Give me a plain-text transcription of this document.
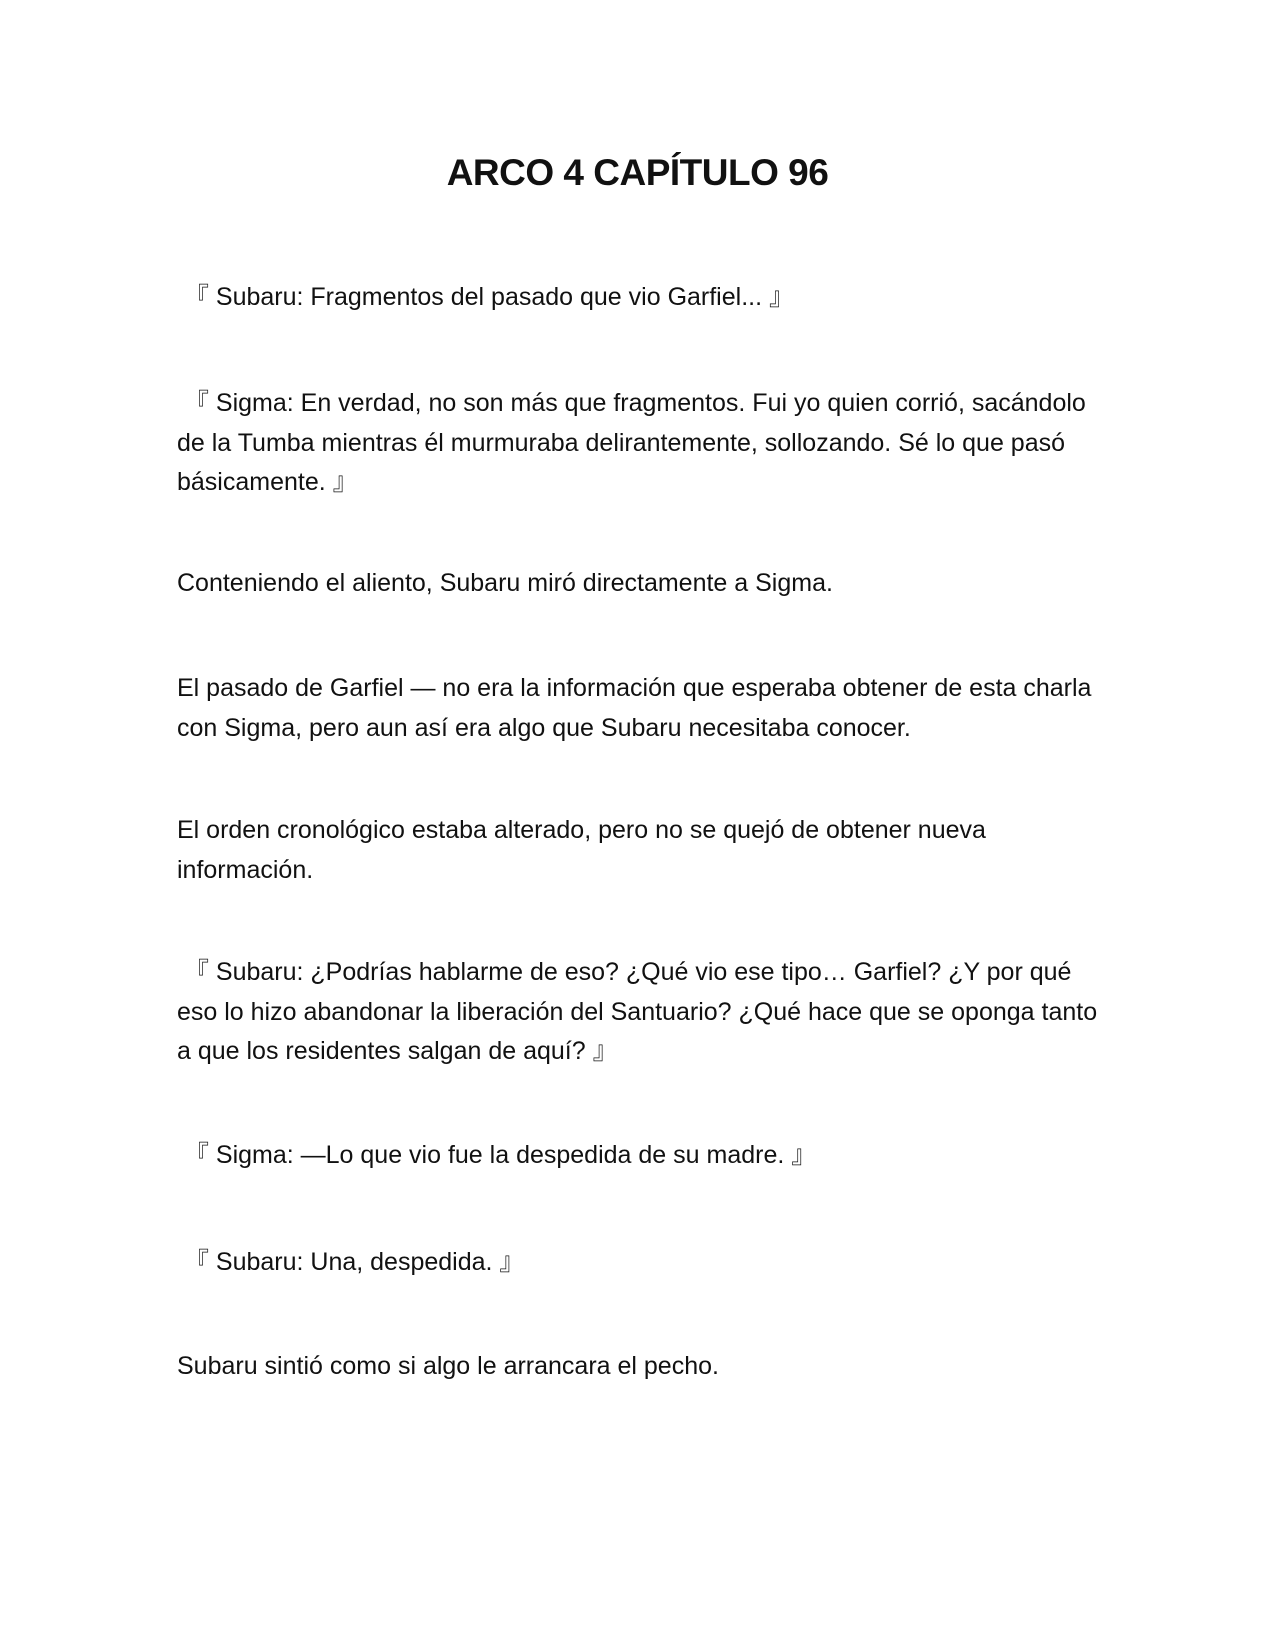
ARCO 4 CAPÍTULO 96
『 Subaru: Fragmentos del pasado que vio Garfiel... 』
『 Sigma: En verdad, no son más que fragmentos. Fui yo quien corrió, sacándolo de la Tumba mientras él murmuraba delirantemente, sollozando. Sé lo que pasó básicamente. 』
Conteniendo el aliento, Subaru miró directamente a Sigma.
El pasado de Garfiel — no era la información que esperaba obtener de esta charla con Sigma, pero aun así era algo que Subaru necesitaba conocer.
El orden cronológico estaba alterado, pero no se quejó de obtener nueva información.
『 Subaru: ¿Podrías hablarme de eso? ¿Qué vio ese tipo… Garfiel? ¿Y por qué eso lo hizo abandonar la liberación del Santuario? ¿Qué hace que se oponga tanto a que los residentes salgan de aquí? 』
『 Sigma: —Lo que vio fue la despedida de su madre. 』
『 Subaru: Una, despedida. 』
Subaru sintió como si algo le arrancara el pecho.
